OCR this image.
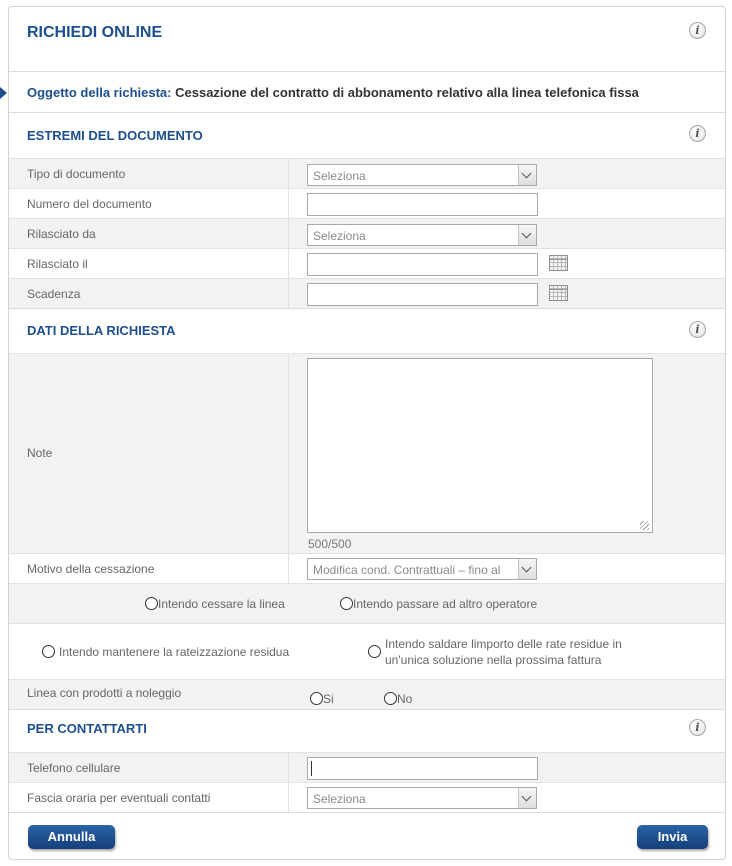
RICHIEDI ONLINE	i
Oggetto della richiesta: Cessazione del contratto di abbonamento relativo alla linea telefonica fissa
ESTREMI DEL DOCUMENTO	i
Tipo di documento	Seleziona
Numero del documento
Rilasciato da	Seleziona
Rilasciato il
Scadenza
DATI DELLA RICHIESTA	i
Note
500/500
Motivo della cessazione	Modifica cond. Contrattuali – fino al
Intendo cessare la linea	Intendo passare ad altro operatore
Intendo mantenere la rateizzazione residua
Intendo saldare limporto delle rate residue in
un'unica soluzione nella prossima fattura
Linea con prodotti a noleggio	Si	No
PER CONTATTARTI	i
Telefono cellulare
Fascia oraria per eventuali contatti	Seleziona
Annulla	Invia
